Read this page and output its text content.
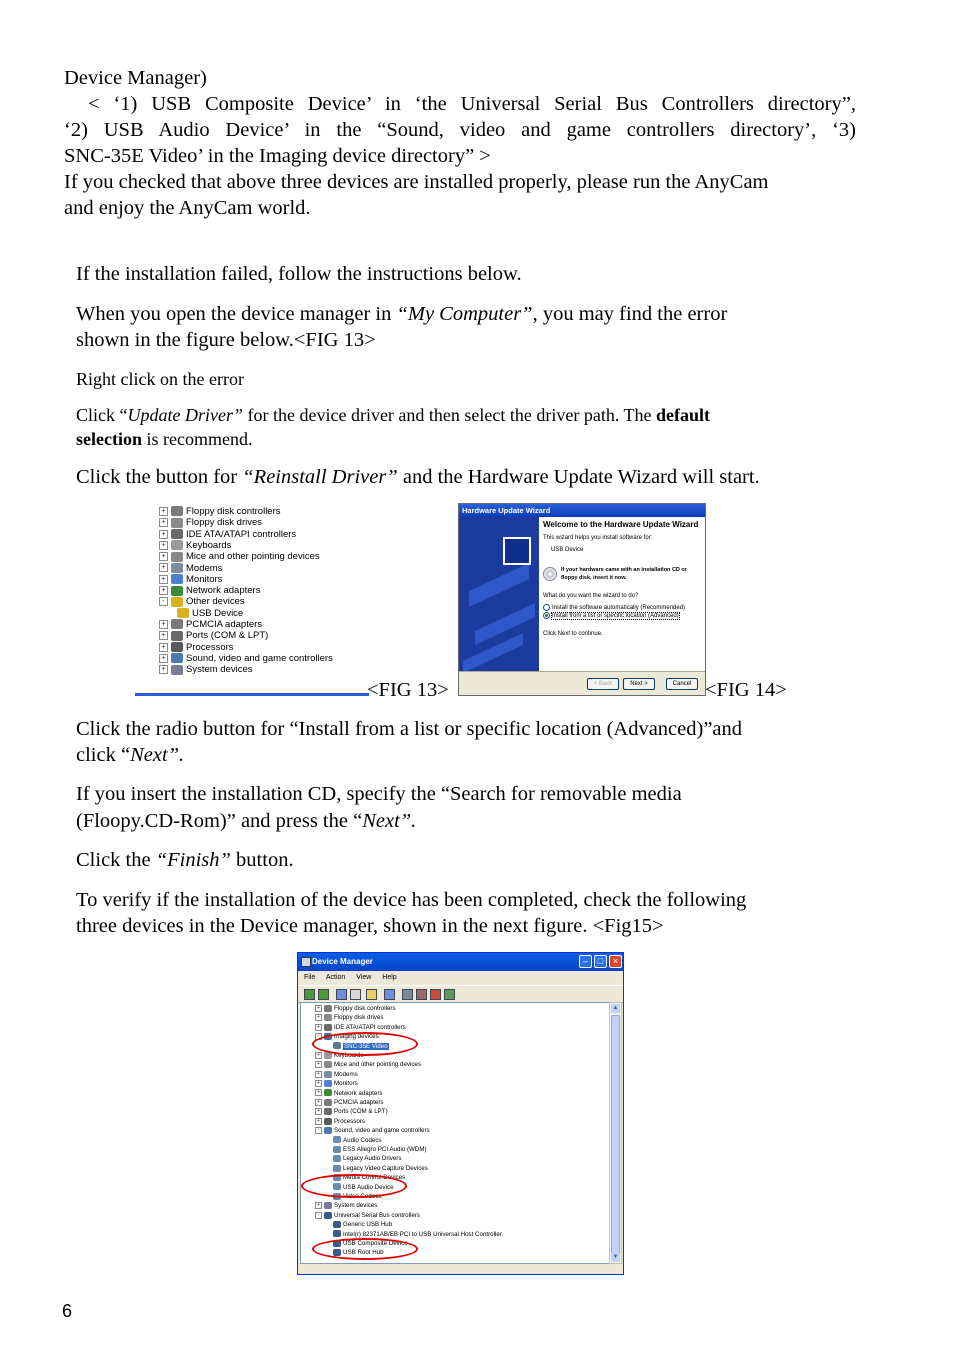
Device Manager)
< ‘1) USB Composite Device’ in ‘the Universal Serial Bus Controllers directory”,
‘2) USB Audio Device’ in the “Sound, video and game controllers directory’, ‘3)
SNC-35E Video’ in the Imaging device directory” >
If you checked that above three devices are installed properly, please run the AnyCam
and enjoy the AnyCam world.
If the installation failed, follow the instructions below.
When you open the device manager in “My Computer”, you may find the error
shown in the figure below.<FIG 13>
Right click on the error
Click “Update Driver” for the device driver and then select the driver path. The default
selection is recommend.
Click the button for “Reinstall Driver” and the Hardware Update Wizard will start.
+ Floppy disk controllers
+ Floppy disk drives
+ IDE ATA/ATAPI controllers
+ Keyboards
+ Mice and other pointing devices
+ Modems
+ Monitors
+ Network adapters
- Other devices
USB Device
+ PCMCIA adapters
+ Ports (COM & LPT)
+ Processors
+ Sound, video and game controllers
+ System devices
<FIG 13>
Hardware Update Wizard
Welcome to the Hardware Update Wizard
This wizard helps you install software for:
USB Device
If your hardware came with an installation CD or floppy disk, insert it now.
What do you want the wizard to do?
Install the software automatically (Recommended)
Install from a list or specific location (Advanced)
Click Next to continue.
< Back	Next >	Cancel <FIG 14>
Click the radio button for “Install from a list or specific location (Advanced)”and
click “Next”.
If you insert the installation CD, specify the “Search for removable media
(Floopy.CD-Rom)” and press the “Next”.
Click the “Finish” button.
To verify if the installation of the device has been completed, check the following
three devices in the Device manager, shown in the next figure. <Fig15>
Device Manager	–	□	×
File Action View Help
+ Floppy disk controllers
+ Floppy disk drives
+ IDE ATA/ATAPI controllers
- Imaging devices
SNC-35E Video
+ Keyboards
+ Mice and other pointing devices
+ Modems
+ Monitors
+ Network adapters
+ PCMCIA adapters
+ Ports (COM & LPT)
+ Processors
- Sound, video and game controllers
Audio Codecs
ESS Allegro PCI Audio (WDM)
Legacy Audio Drivers
Legacy Video Capture Devices
Media Control Devices
USB Audio Device
Video Codecs
+ System devices
- Universal Serial Bus controllers
Generic USB Hub
Intel(r) 82371AB/EB PCI to USB Universal Host Controller
USB Composite Device
USB Root Hub
▲
▼
6
